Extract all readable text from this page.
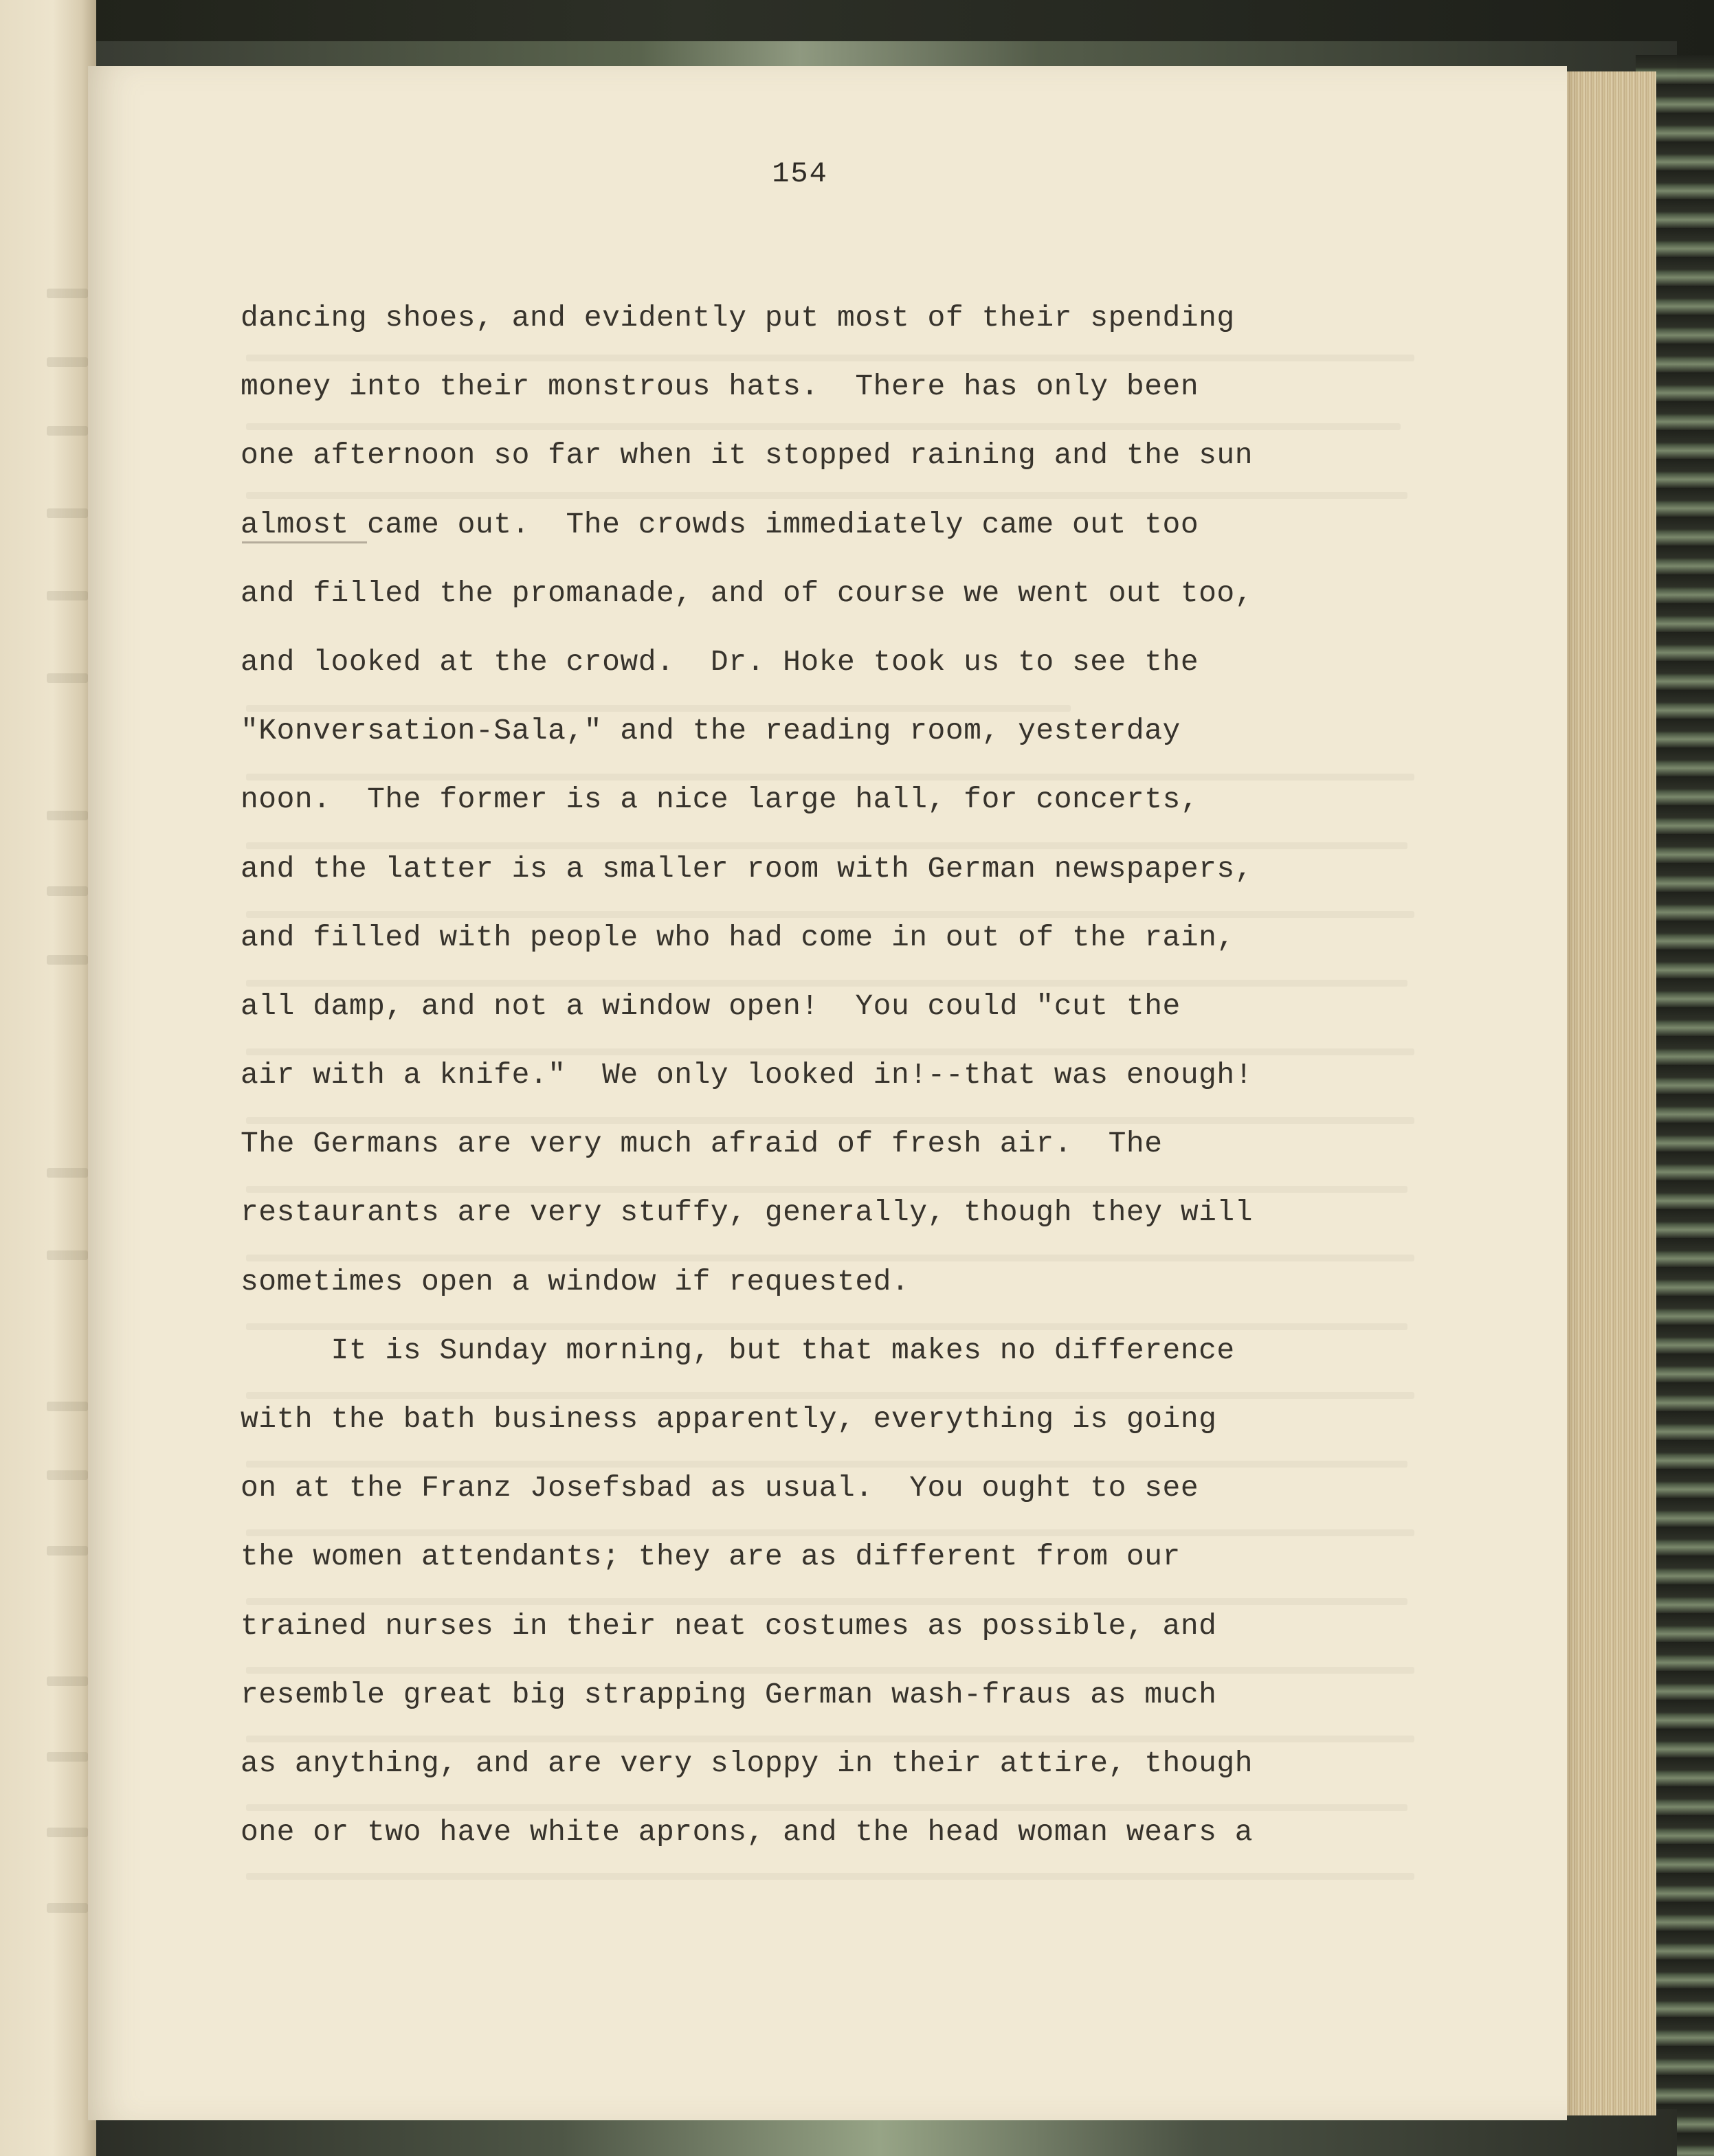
154
dancing shoes, and evidently put most of their spending
money into their monstrous hats.  There has only been
one afternoon so far when it stopped raining and the sun
almost came out.  The crowds immediately came out too
and filled the promanade, and of course we went out too,
and looked at the crowd.  Dr. Hoke took us to see the
"Konversation-Sala," and the reading room, yesterday
noon.  The former is a nice large hall, for concerts,
and the latter is a smaller room with German newspapers,
and filled with people who had come in out of the rain,
all damp, and not a window open!  You could "cut the
air with a knife."  We only looked in!--that was enough!
The Germans are very much afraid of fresh air.  The
restaurants are very stuffy, generally, though they will
sometimes open a window if requested.
It is Sunday morning, but that makes no difference
with the bath business apparently, everything is going
on at the Franz Josefsbad as usual.  You ought to see
the women attendants; they are as different from our
trained nurses in their neat costumes as possible, and
resemble great big strapping German wash-fraus as much
as anything, and are very sloppy in their attire, though
one or two have white aprons, and the head woman wears a
